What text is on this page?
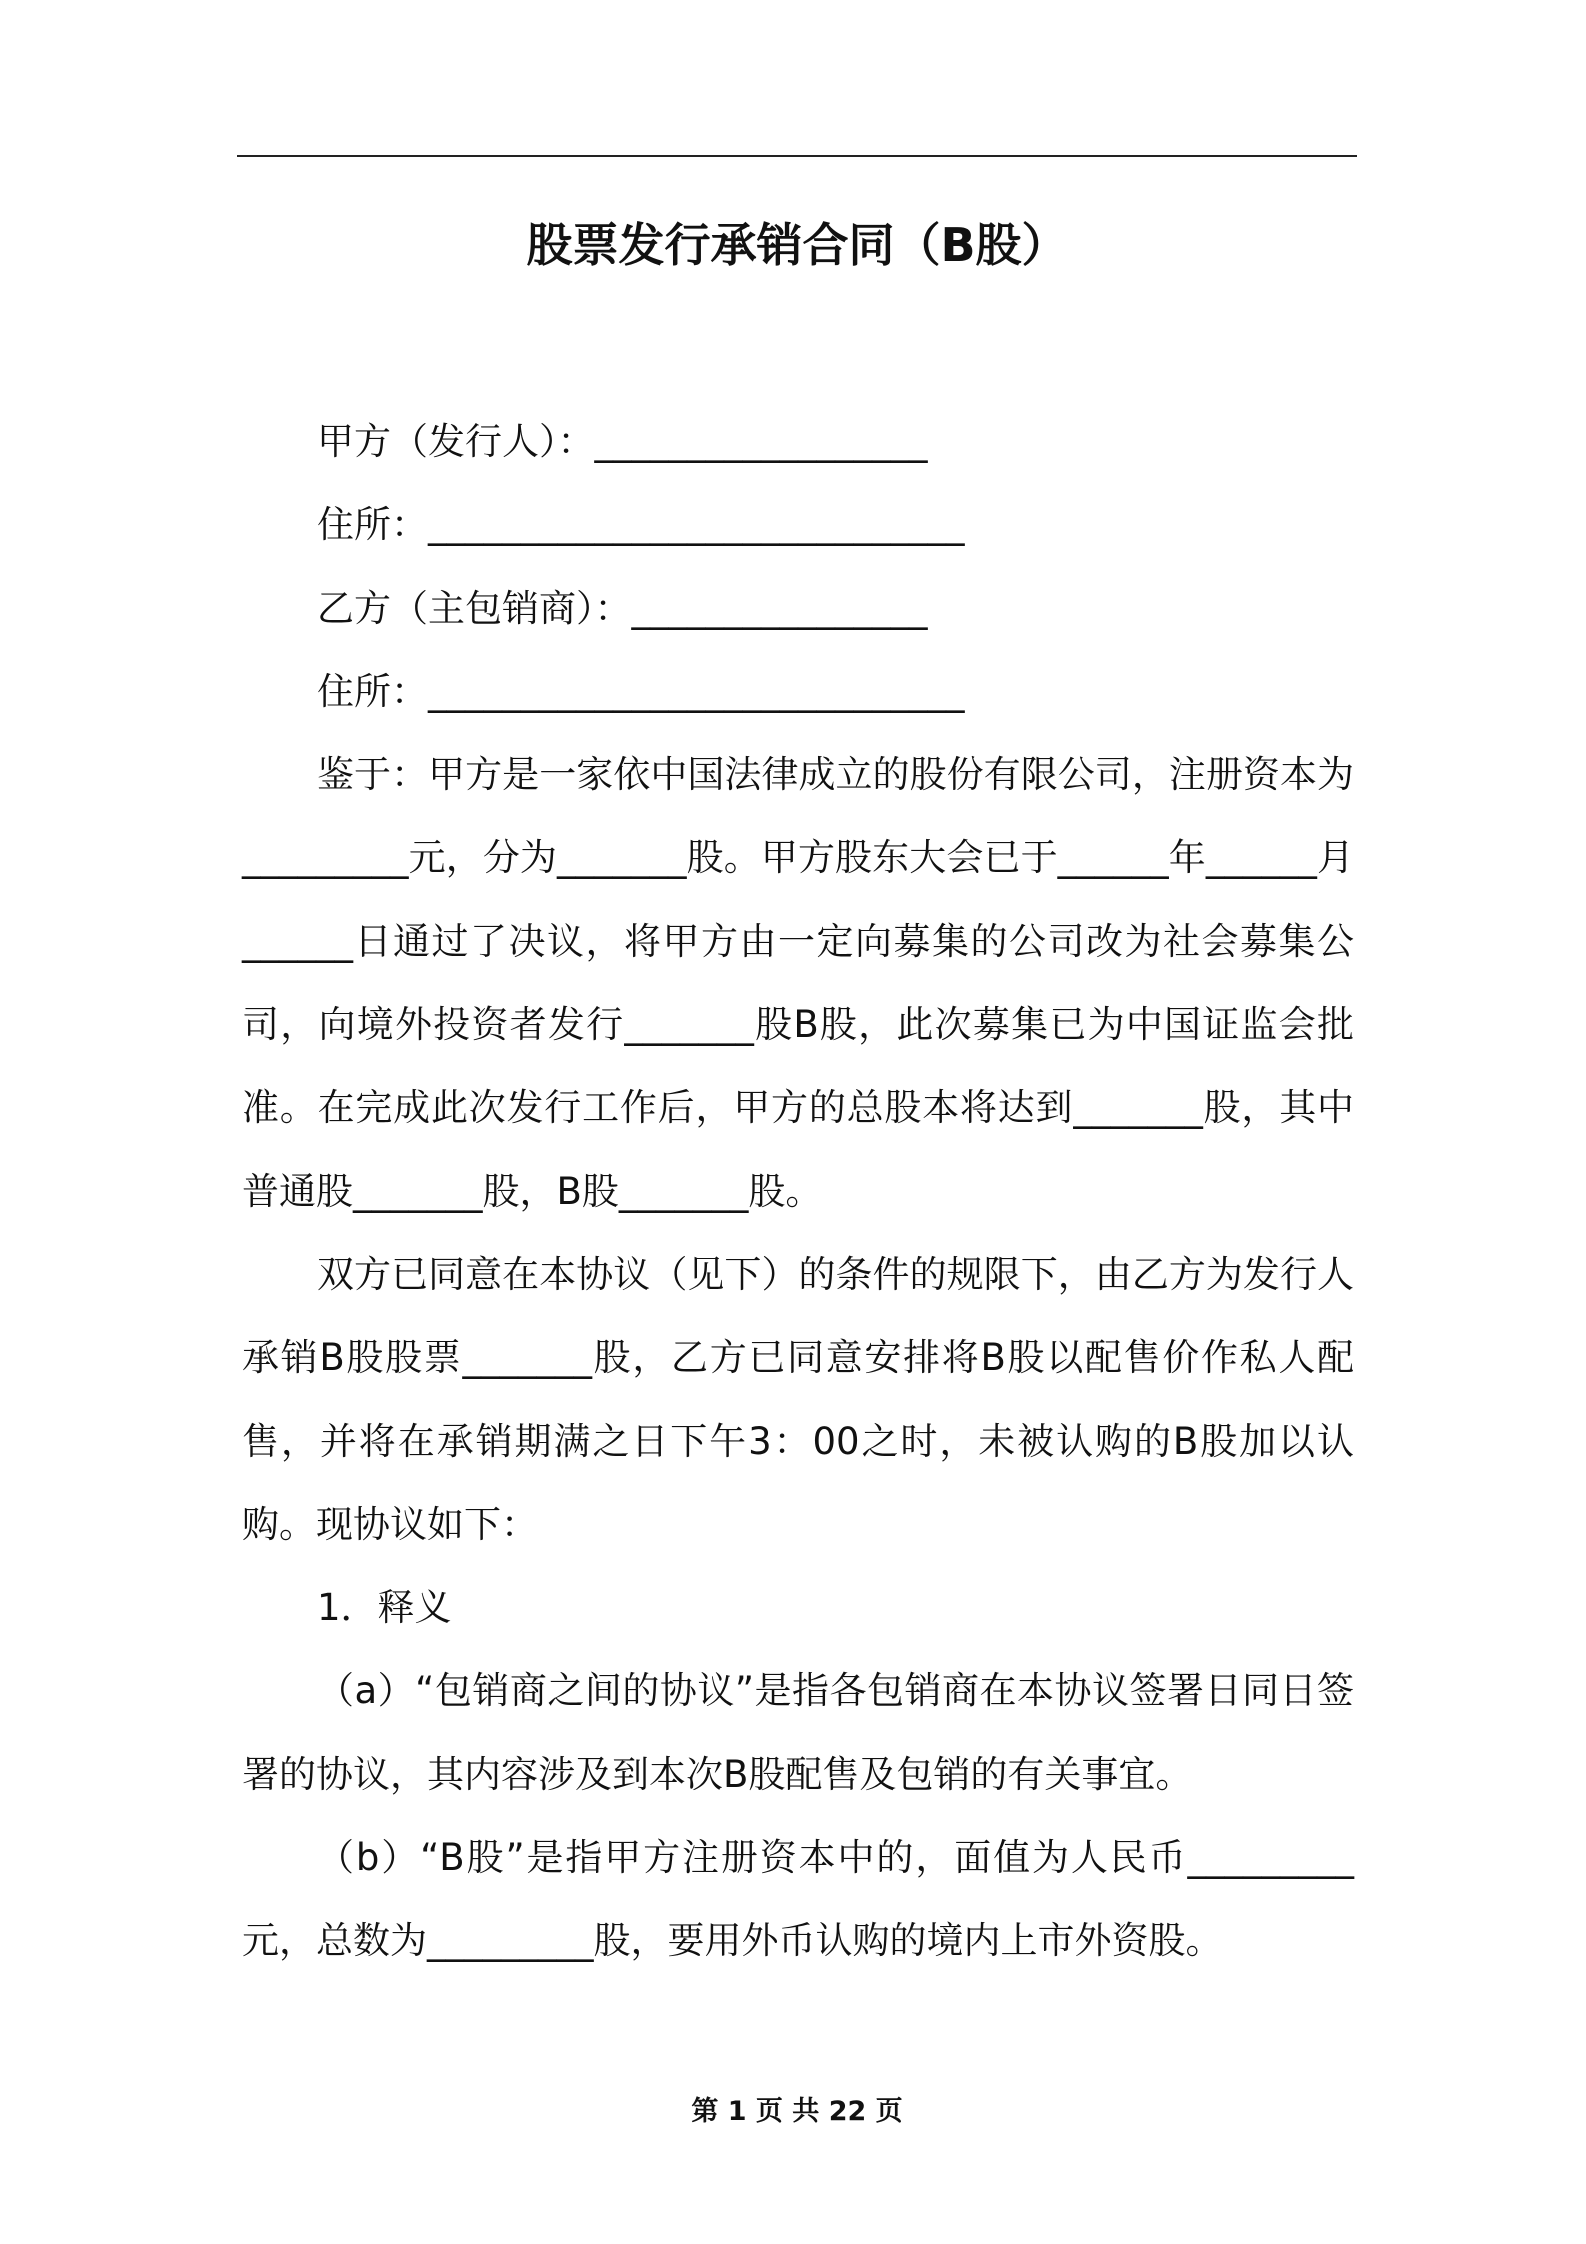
股票发行承销合同（B股）

甲方（发行人）：__________________

住所：_____________________________

乙方（主包销商）：________________

住所：_____________________________

鉴于：甲方是一家依中国法律成立的股份有限公司，注册资本为_________元，分为_______股。甲方股东大会已于______年______月______日通过了决议，将甲方由一定向募集的公司改为社会募集公司，向境外投资者发行_______股B股，此次募集已为中国证监会批准。在完成此次发行工作后，甲方的总股本将达到_______股，其中普通股_______股，B股_______股。

双方已同意在本协议（见下）的条件的规限下，由乙方为发行人承销B股股票_______股，乙方已同意安排将B股以配售价作私人配售，并将在承销期满之日下午3：00之时，未被认购的B股加以认购。现协议如下：

1．释义

（a）“包销商之间的协议”是指各包销商在本协议签署日同日签署的协议，其内容涉及到本次B股配售及包销的有关事宜。

（b）“B股”是指甲方注册资本中的，面值为人民币_________元，总数为_________股，要用外币认购的境内上市外资股。

第 1 页 共 22 页
